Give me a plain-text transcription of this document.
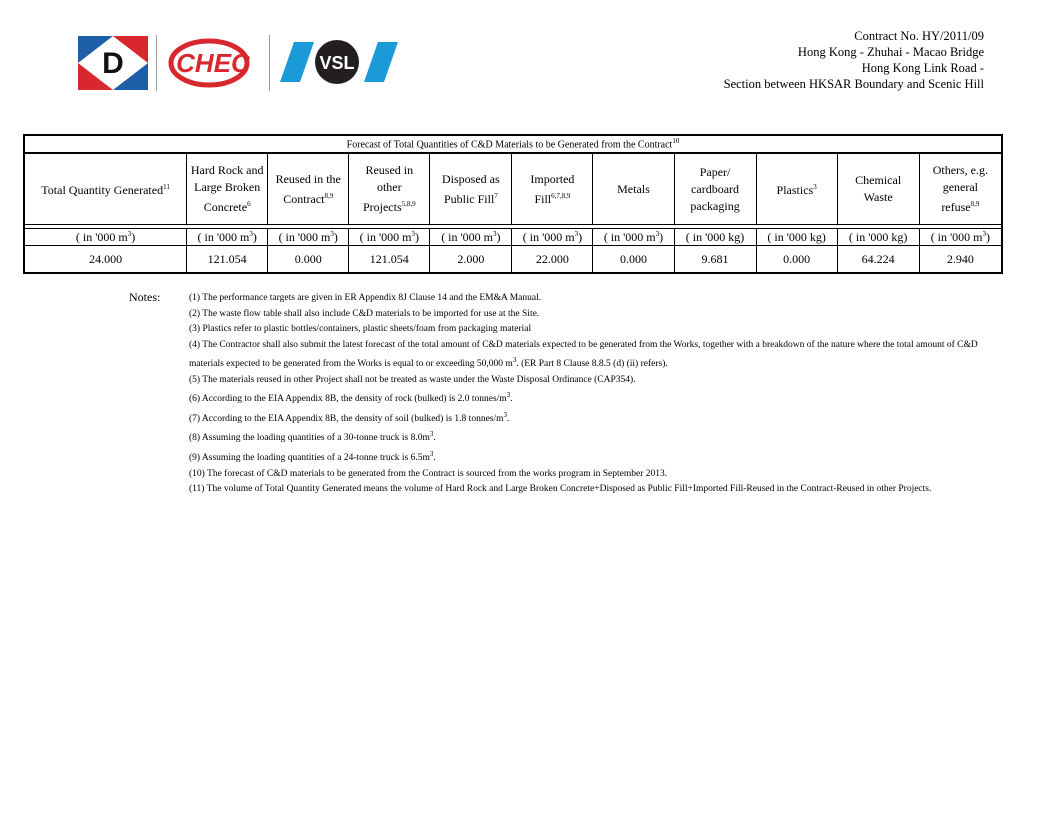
D CHEC	VSL
Contract No. HY/2011/09
Hong Kong - Zhuhai - Macao Bridge
Hong Kong Link Road -
Section between HKSAR Boundary and Scenic Hill
Forecast of Total Quantities of C&D Materials to be Generated from the Contract$^{10}$
Total Quantity Generated$^{11}$	Hard Rock and Large Broken Concrete$^6$	Reused in the Contract$^{8,9}$	Reused in other Projects$^{5,8,9}$	Disposed as Public Fill$^7$	Imported Fill$^{6,7,8,9}$	Metals	Paper/ cardboard packaging	Plastics$^3$	Chemical Waste	Others, e.g. general refuse$^{8,9}$

( in '000 $m^3$)	( in '000 $m^3$)	( in '000 $m^3$)	( in '000 $m^3$)	( in '000 $m^3$)	( in '000 $m^3$)	( in '000 $m^3$)	( in '000 kg)	( in '000 kg)	( in '000 kg)	( in '000 $m^3$)
24.000	121.054	0.000	121.054	2.000	22.000	0.000	9.681	0.000	64.224	2.940
Notes:	(1) The performance targets are given in ER Appendix 8J Clause 14 and the EM&A Manual.
(2) The waste flow table shall also include C&D materials to be imported for use at the Site.
(3) Plastics refer to plastic bottles/containers, plastic sheets/foam from packaging material
(4) The Contractor shall also submit the latest forecast of the total amount of C&D materials expected to be generated from the Works, together with a breakdown of the nature where the total amount of C&D materials expected to be generated from the Works is equal to or exceeding 50,000 $m^3$. (ER Part 8 Clause 8.8.5 (d) (ii) refers).
(5) The materials reused in other Project shall not be treated as waste under the Waste Disposal Ordinance (CAP354).
(6) According to the EIA Appendix 8B, the density of rock (bulked) is 2.0 tonnes/$m^3$.
(7) According to the EIA Appendix 8B, the density of soil (bulked) is 1.8 tonnes/$m^3$.
(8) Assuming the loading quantities of a 30-tonne truck is $8.0m^3$.
(9) Assuming the loading quantities of a 24-tonne truck is $6.5m^3$.
(10) The forecast of C&D materials to be generated from the Contract is sourced from the works program in September 2013.
(11) The volume of Total Quantity Generated means the volume of Hard Rock and Large Broken Concrete+Disposed as Public Fill+Imported Fill-Reused in the Contract-Reused in other Projects.
